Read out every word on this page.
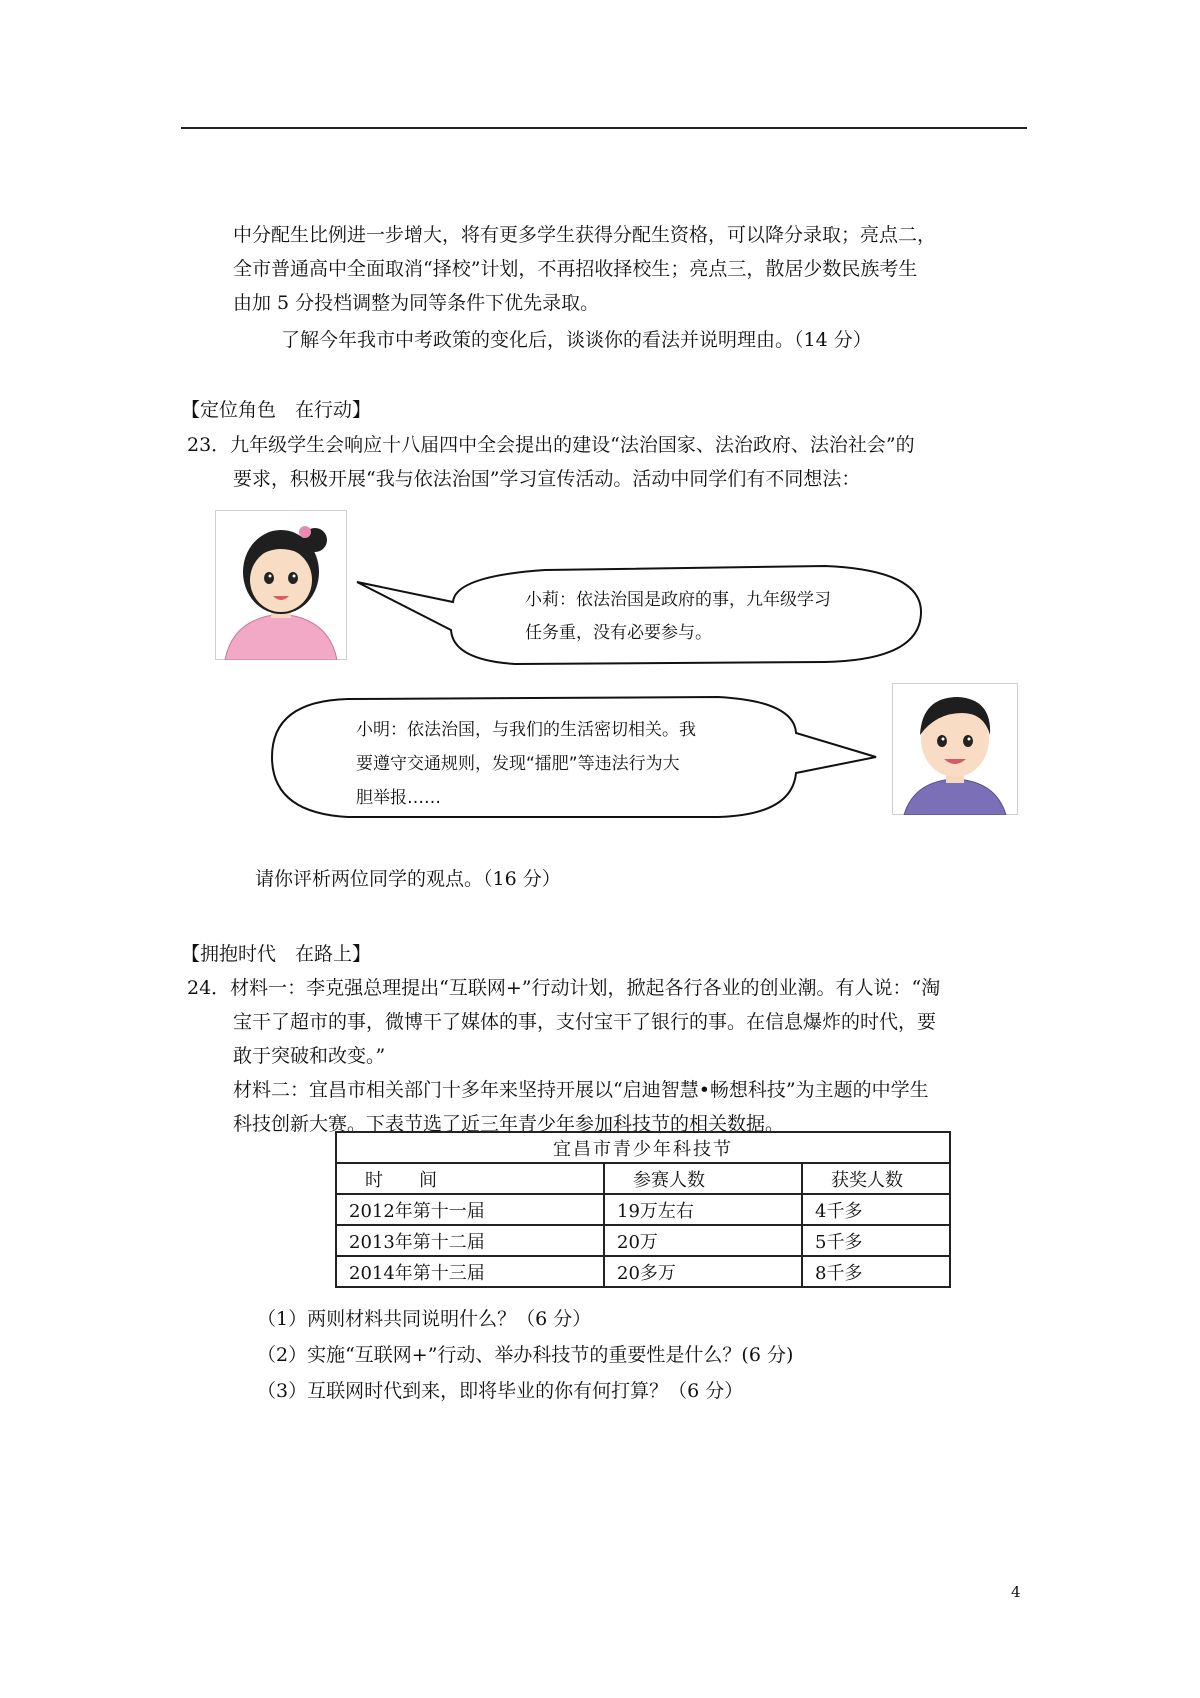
中分配生比例进一步增大，将有更多学生获得分配生资格，可以降分录取；亮点二，
全市普通高中全面取消“择校”计划，不再招收择校生；亮点三，散居少数民族考生
由加 5 分投档调整为同等条件下优先录取。
了解今年我市中考政策的变化后，谈谈你的看法并说明理由。（14 分）
【定位角色　在行动】
23．九年级学生会响应十八届四中全会提出的建设“法治国家、法治政府、法治社会”的
要求，积极开展“我与依法治国”学习宣传活动。活动中同学们有不同想法：
小莉：依法治国是政府的事，九年级学习
任务重，没有必要参与。
小明：依法治国，与我们的生活密切相关。我
要遵守交通规则，发现“擂肥”等违法行为大
胆举报……
请你评析两位同学的观点。（16 分）
【拥抱时代　在路上】
24．材料一：李克强总理提出“互联网+”行动计划，掀起各行各业的创业潮。有人说：“淘
宝干了超市的事，微博干了媒体的事，支付宝干了银行的事。在信息爆炸的时代，要
敢于突破和改变。”
材料二：宜昌市相关部门十多年来坚持开展以“启迪智慧•畅想科技”为主题的中学生
科技创新大赛。下表节选了近三年青少年参加科技节的相关数据。
宜昌市青少年科技节		
时　　间	参赛人数	获奖人数
2012年第十一届	19万左右	4千多
2013年第十二届	20万	5千多
2014年第十三届	20多万	8千多
（1）两则材料共同说明什么？（6 分）
（2）实施“互联网+”行动、举办科技节的重要性是什么？(6 分)
（3）互联网时代到来，即将毕业的你有何打算？（6 分）
4
